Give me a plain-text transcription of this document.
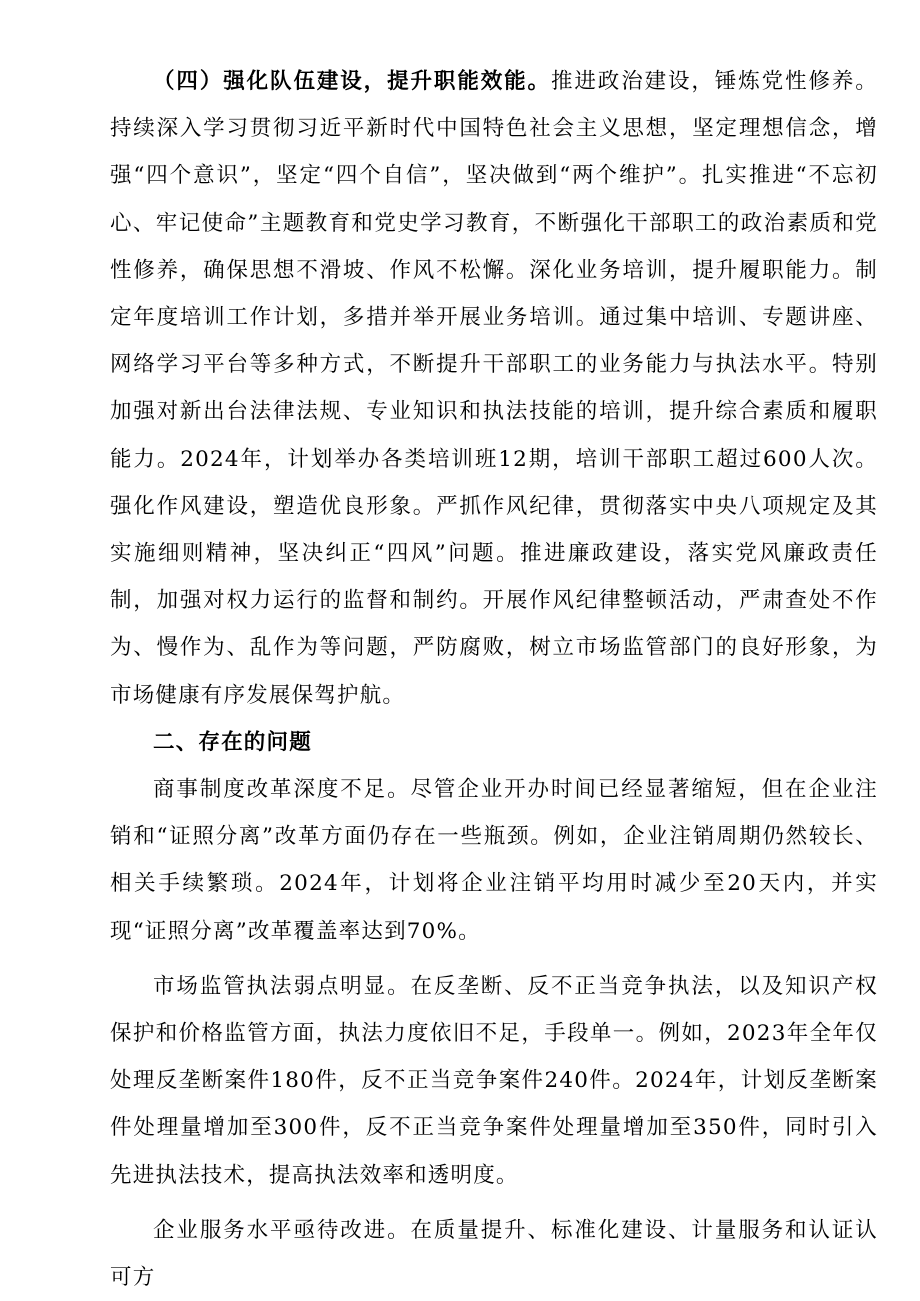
（四）强化队伍建设，提升职能效能。推进政治建设，锤炼党性修养。持续深入学习贯彻习近平新时代中国特色社会主义思想，坚定理想信念，增强“四个意识”，坚定“四个自信”，坚决做到“两个维护”。扎实推进“不忘初心、牢记使命”主题教育和党史学习教育，不断强化干部职工的政治素质和党性修养，确保思想不滑坡、作风不松懈。深化业务培训，提升履职能力。制定年度培训工作计划，多措并举开展业务培训。通过集中培训、专题讲座、网络学习平台等多种方式，不断提升干部职工的业务能力与执法水平。特别加强对新出台法律法规、专业知识和执法技能的培训，提升综合素质和履职能力。2024年，计划举办各类培训班12期，培训干部职工超过600人次。强化作风建设，塑造优良形象。严抓作风纪律，贯彻落实中央八项规定及其实施细则精神，坚决纠正“四风”问题。推进廉政建设，落实党风廉政责任制，加强对权力运行的监督和制约。开展作风纪律整顿活动，严肃查处不作为、慢作为、乱作为等问题，严防腐败，树立市场监管部门的良好形象，为市场健康有序发展保驾护航。

二、存在的问题

商事制度改革深度不足。尽管企业开办时间已经显著缩短，但在企业注销和“证照分离”改革方面仍存在一些瓶颈。例如，企业注销周期仍然较长、相关手续繁琐。2024年，计划将企业注销平均用时减少至20天内，并实现“证照分离”改革覆盖率达到70%。

市场监管执法弱点明显。在反垄断、反不正当竞争执法，以及知识产权保护和价格监管方面，执法力度依旧不足，手段单一。例如，2023年全年仅处理反垄断案件180件，反不正当竞争案件240件。2024年，计划反垄断案件处理量增加至300件，反不正当竞争案件处理量增加至350件，同时引入先进执法技术，提高执法效率和透明度。

企业服务水平亟待改进。在质量提升、标准化建设、计量服务和认证认可方
